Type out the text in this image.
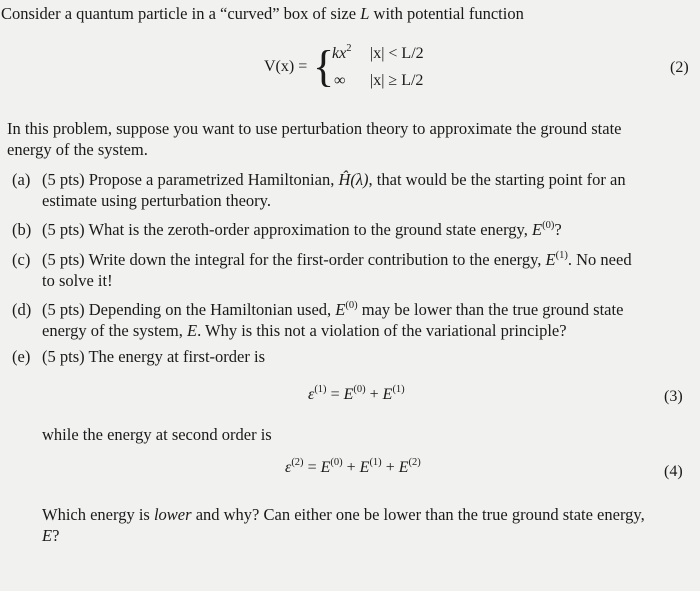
Consider a quantum particle in a “curved” box of size L with potential function
V(x) = {
$kx^2$ |x| < L/2
∞ |x| ≥ L/2
(2)
In this problem, suppose you want to use perturbation theory to approximate the ground state
energy of the system.
(a) (5 pts) Propose a parametrized Hamiltonian, Ĥ(λ), that would be the starting point for an
estimate using perturbation theory.
(b) (5 pts) What is the zeroth-order approximation to the ground state energy, $E^{(0)}$?
(c) (5 pts) Write down the integral for the first-order contribution to the energy, $E^{(1)}$. No need
to solve it!
(d) (5 pts) Depending on the Hamiltonian used, $E^{(0)}$ may be lower than the true ground state
energy of the system, E. Why is this not a violation of the variational principle?
(e) (5 pts) The energy at first-order is
$\varepsilon^{(1)} = E^{(0)} + E^{(1)}$	(3)
while the energy at second order is
$\varepsilon^{(2)} = E^{(0)} + E^{(1)} + E^{(2)}$
(4)
Which energy is lower and why? Can either one be lower than the true ground state energy,
E?
